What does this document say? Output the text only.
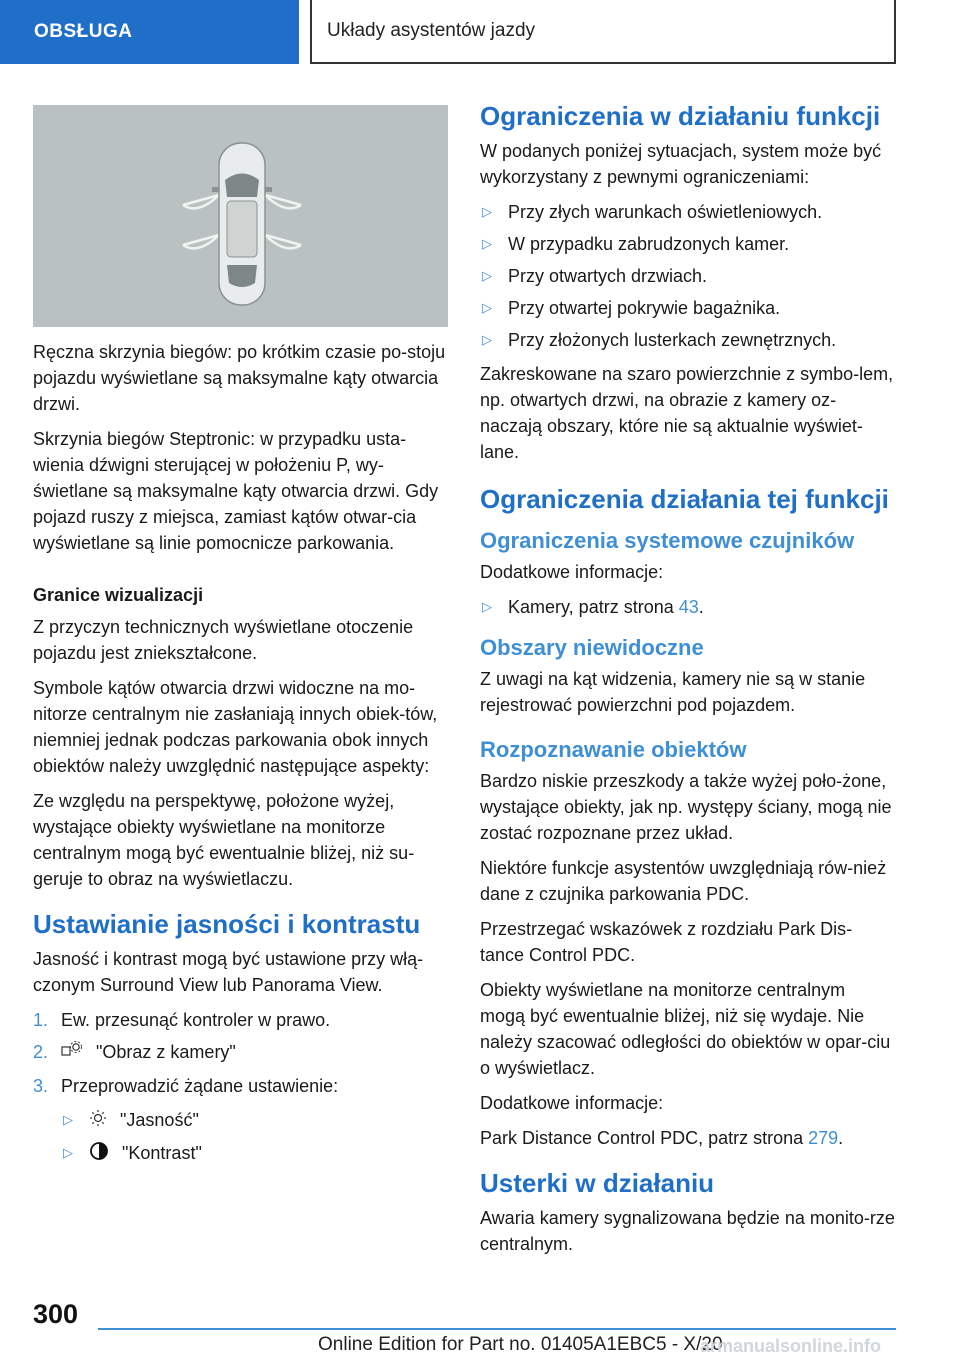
OBSŁUGA	Układy asystentów jazdy

Ręczna skrzynia biegów: po krótkim czasie po-stoju pojazdu wyświetlane są maksymalne kąty otwarcia drzwi.

Skrzynia biegów Steptronic: w przypadku usta-wienia dźwigni sterującej w położeniu P, wy-świetlane są maksymalne kąty otwarcia drzwi. Gdy pojazd ruszy z miejsca, zamiast kątów otwar-cia wyświetlane są linie pomocnicze parkowania.

Granice wizualizacji

Z przyczyn technicznych wyświetlane otoczenie pojazdu jest zniekształcone.

Symbole kątów otwarcia drzwi widoczne na mo-nitorze centralnym nie zasłaniają innych obiek-tów, niemniej jednak podczas parkowania obok innych obiektów należy uwzględnić następujące aspekty:

Ze względu na perspektywę, położone wyżej, wystające obiekty wyświetlane na monitorze centralnym mogą być ewentualnie bliżej, niż su-geruje to obraz na wyświetlaczu.

Ustawianie jasności i kontrastu

Jasność i kontrast mogą być ustawione przy włą-czonym Surround View lub Panorama View.

1. Ew. przesunąć kontroler w prawo.
2.	"Obraz z kamery"
3. Przeprowadzić żądane ustawienie:
▷	"Jasność"
▷	"Kontrast"
Ograniczenia w działaniu funkcji

W podanych poniżej sytuacjach, system może być wykorzystany z pewnymi ograniczeniami:

▷ Przy złych warunkach oświetleniowych.
▷ W przypadku zabrudzonych kamer.
▷ Przy otwartych drzwiach.
▷ Przy otwartej pokrywie bagażnika.
▷ Przy złożonych lusterkach zewnętrznych.

Zakreskowane na szaro powierzchnie z symbo-lem, np. otwartych drzwi, na obrazie z kamery oz-naczają obszary, które nie są aktualnie wyświet-lane.

Ograniczenia działania tej funkcji
Ograniczenia systemowe czujników

Dodatkowe informacje:

▷ Kamery, patrz strona 43.
Obszary niewidoczne

Z uwagi na kąt widzenia, kamery nie są w stanie rejestrować powierzchni pod pojazdem.

Rozpoznawanie obiektów

Bardzo niskie przeszkody a także wyżej poło-żone, wystające obiekty, jak np. występy ściany, mogą nie zostać rozpoznane przez układ.

Niektóre funkcje asystentów uwzględniają rów-nież dane z czujnika parkowania PDC.

Przestrzegać wskazówek z rozdziału Park Dis-tance Control PDC.

Obiekty wyświetlane na monitorze centralnym mogą być ewentualnie bliżej, niż się wydaje. Nie należy szacować odległości do obiektów w opar-ciu o wyświetlacz.

Dodatkowe informacje:

Park Distance Control PDC, patrz strona 279.

Usterki w działaniu

Awaria kamery sygnalizowana będzie na monito-rze centralnym.

300
Online Edition for Part no. 01405A1EBC5 - X/20
armanualsonline.info
